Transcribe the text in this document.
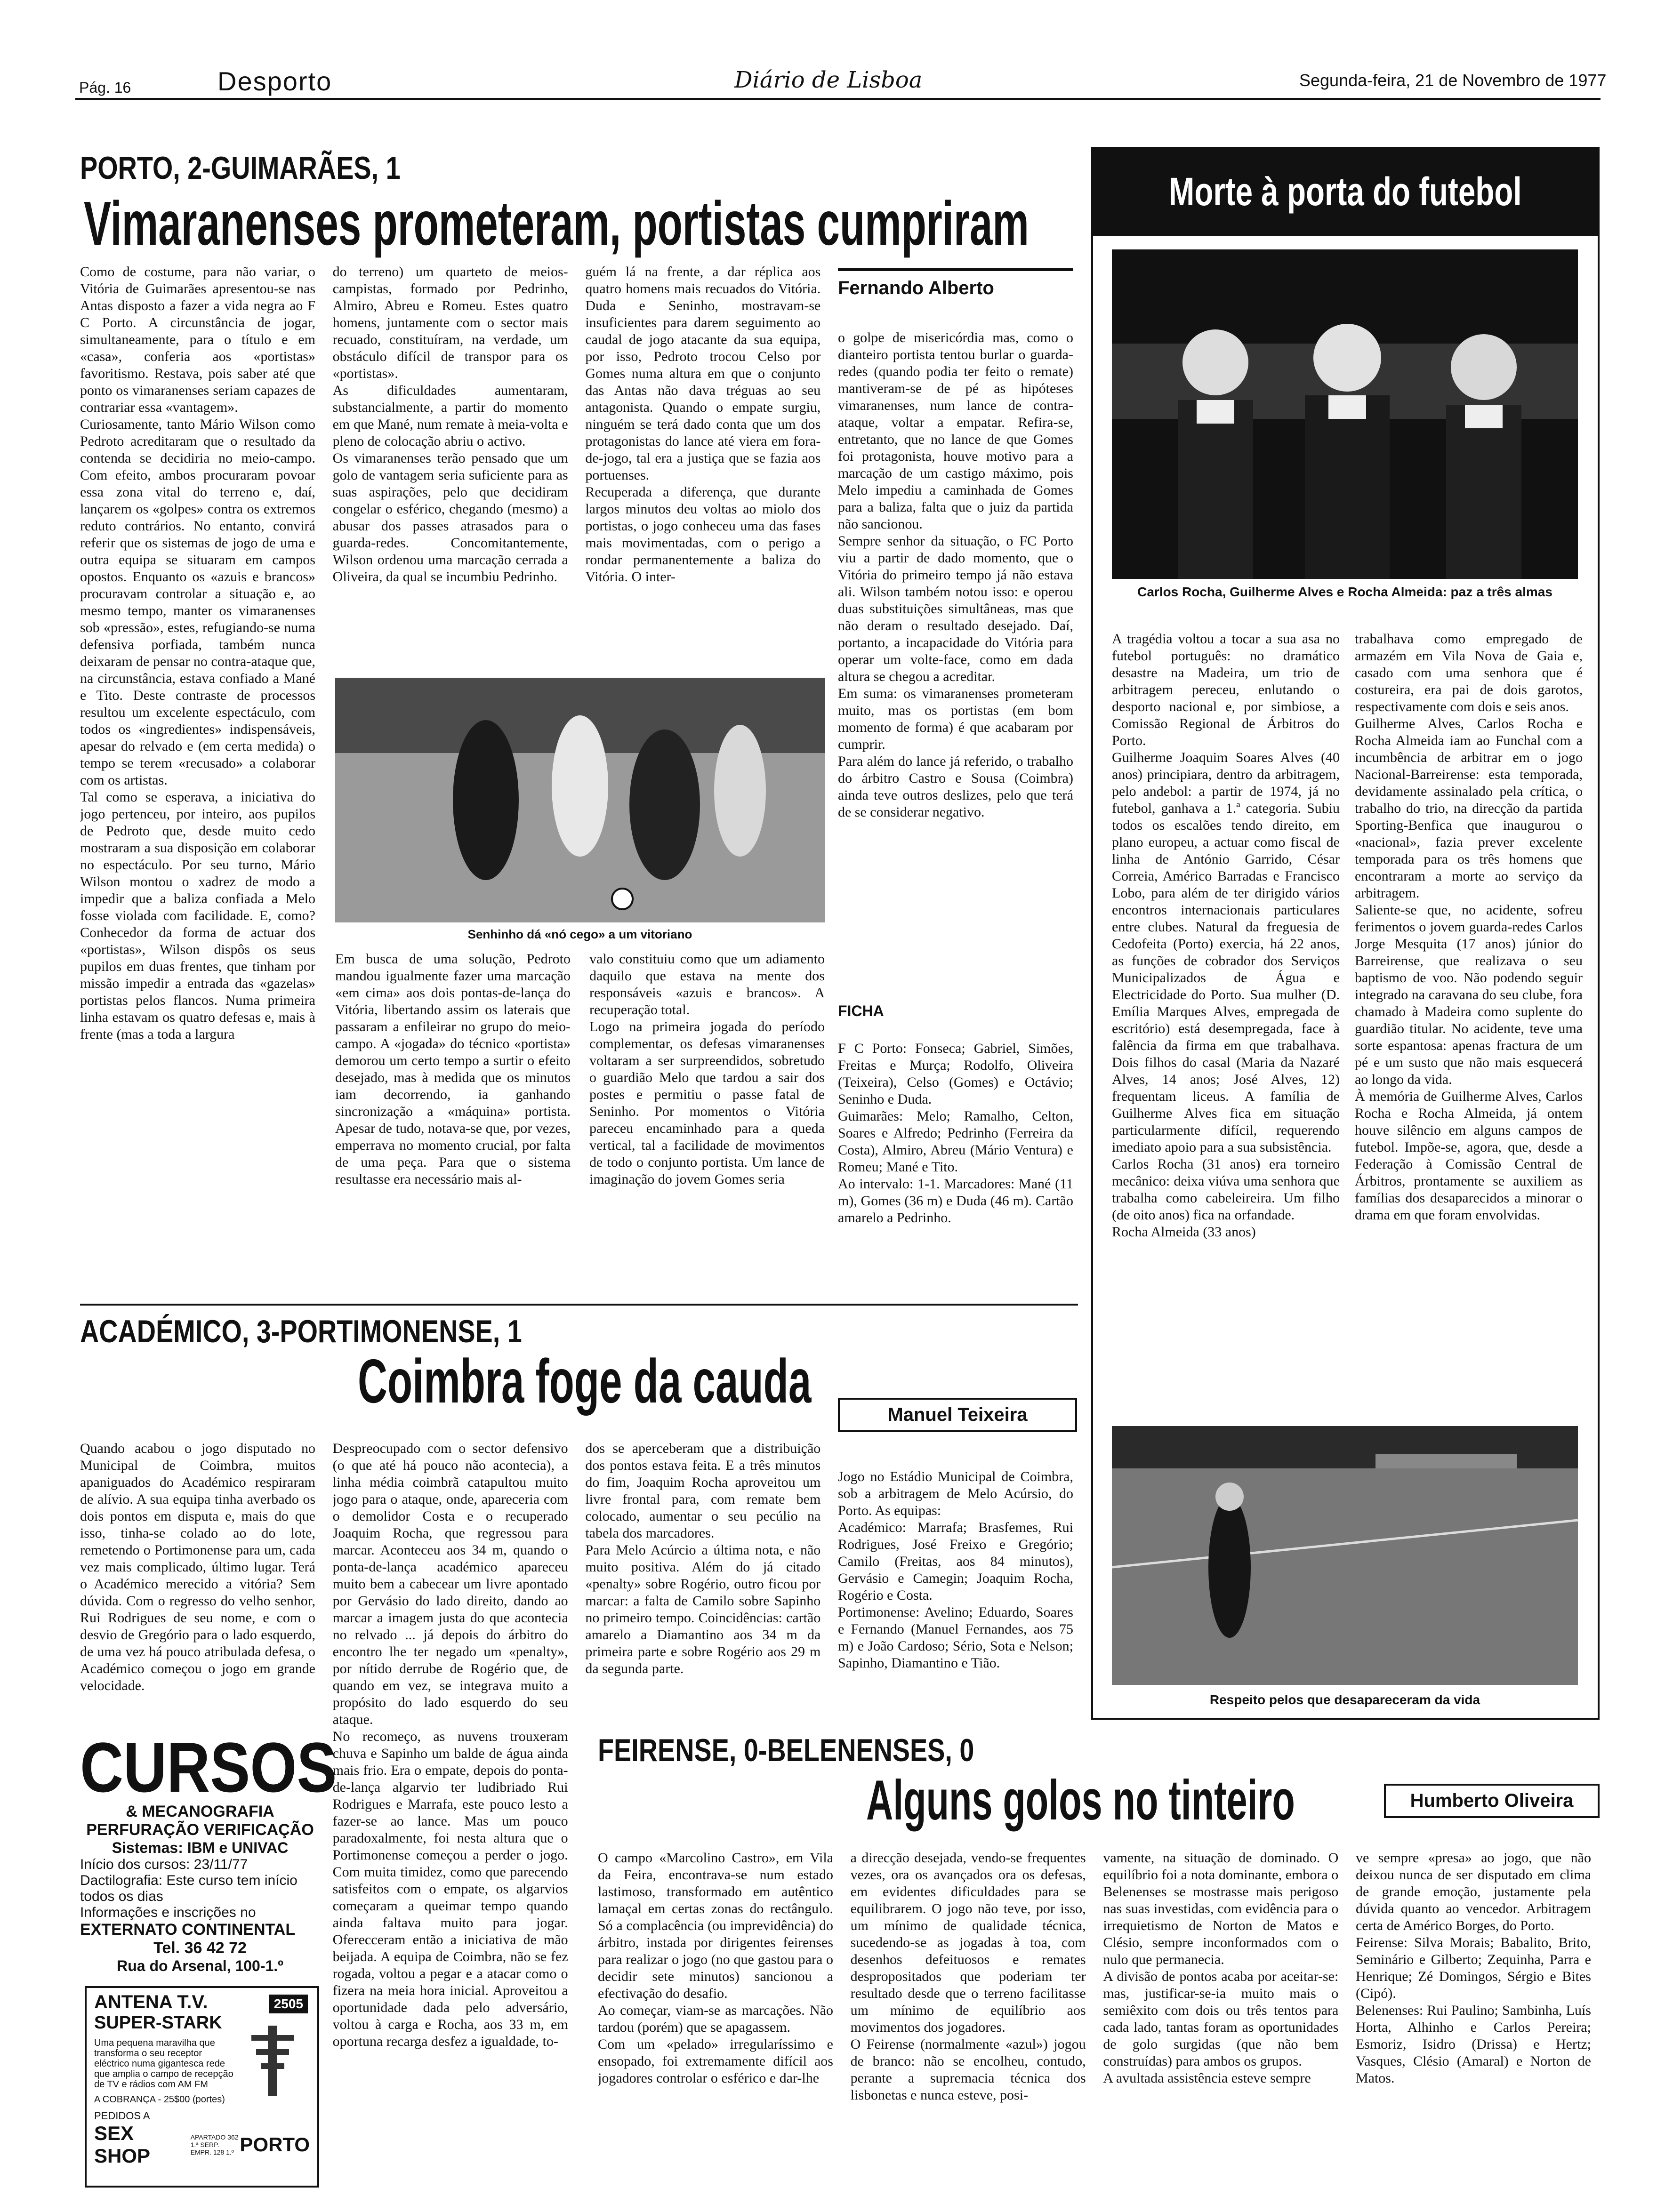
Pág. 16	Desporto	Diário de Lisboa	Segunda-feira, 21 de Novembro de 1977
PORTO, 2-GUIMARÃES, 1
Vimaranenses prometeram, portistas cumpriram
Fernando Alberto
Como de costume, para não variar, o Vitória de Guimarães apresentou-se nas Antas disposto a fazer a vida negra ao F C Porto. A circunstância de jogar, simultaneamente, para o título e em «casa», conferia aos «portistas» favoritismo. Restava, pois saber até que ponto os vimaranenses seriam capazes de contrariar essa «vantagem».
Curiosamente, tanto Mário Wilson como Pedroto acreditaram que o resultado da contenda se decidiria no meio-campo. Com efeito, ambos procuraram povoar essa zona vital do terreno e, daí, lançarem os «golpes» contra os extremos reduto contrários. No entanto, convirá referir que os sistemas de jogo de uma e outra equipa se situaram em campos opostos. Enquanto os «azuis e brancos» procuravam controlar a situação e, ao mesmo tempo, manter os vimaranenses sob «pressão», estes, refugiando-se numa defensiva porfiada, também nunca deixaram de pensar no contra-ataque que, na circunstância, estava confiado a Mané e Tito. Deste contraste de processos resultou um excelente espectáculo, com todos os «ingredientes» indispensáveis, apesar do relvado e (em certa medida) o tempo se terem «recusado» a colaborar com os artistas.
Tal como se esperava, a iniciativa do jogo pertenceu, por inteiro, aos pupilos de Pedroto que, desde muito cedo mostraram a sua disposição em colaborar no espectáculo. Por seu turno, Mário Wilson montou o xadrez de modo a impedir que a baliza confiada a Melo fosse violada com facilidade. E, como? Conhecedor da forma de actuar dos «portistas», Wilson dispôs os seus pupilos em duas frentes, que tinham por missão impedir a entrada das «gazelas» portistas pelos flancos. Numa primeira linha estavam os quatro defesas e, mais à frente (mas a toda a largura
do terreno) um quarteto de meios-campistas, formado por Pedrinho, Almiro, Abreu e Romeu. Estes quatro homens, juntamente com o sector mais recuado, constituíram, na verdade, um obstáculo difícil de transpor para os «portistas».
As dificuldades aumentaram, substancialmente, a partir do momento em que Mané, num remate à meia-volta e pleno de colocação abriu o activo.
Os vimaranenses terão pensado que um golo de vantagem seria suficiente para as suas aspirações, pelo que decidiram congelar o esférico, chegando (mesmo) a abusar dos passes atrasados para o guarda-redes. Concomitantemente, Wilson ordenou uma marcação cerrada a Oliveira, da qual se incumbiu Pedrinho.
guém lá na frente, a dar réplica aos quatro homens mais recuados do Vitória. Duda e Seninho, mostravam-se insuficientes para darem seguimento ao caudal de jogo atacante da sua equipa, por isso, Pedroto trocou Celso por Gomes numa altura em que o conjunto das Antas não dava tréguas ao seu antagonista. Quando o empate surgiu, ninguém se terá dado conta que um dos protagonistas do lance até viera em fora-de-jogo, tal era a justiça que se fazia aos portuenses.
Recuperada a diferença, que durante largos minutos deu voltas ao miolo dos portistas, o jogo conheceu uma das fases mais movimentadas, com o perigo a rondar permanentemente a baliza do Vitória. O inter-
o golpe de misericórdia mas, como o dianteiro portista tentou burlar o guarda-redes (quando podia ter feito o remate) mantiveram-se de pé as hipóteses vimaranenses, num lance de contra-ataque, voltar a empatar. Refira-se, entretanto, que no lance de que Gomes foi protagonista, houve motivo para a marcação de um castigo máximo, pois Melo impediu a caminhada de Gomes para a baliza, falta que o juiz da partida não sancionou.
Sempre senhor da situação, o FC Porto viu a partir de dado momento, que o Vitória do primeiro tempo já não estava ali. Wilson também notou isso: e operou duas substituições simultâneas, mas que não deram o resultado desejado. Daí, portanto, a incapacidade do Vitória para operar um volte-face, como em dada altura se chegou a acreditar.
Em suma: os vimaranenses prometeram muito, mas os portistas (em bom momento de forma) é que acabaram por cumprir.
Para além do lance já referido, o trabalho do árbitro Castro e Sousa (Coimbra) ainda teve outros deslizes, pelo que terá de se considerar negativo.
Senhinho dá «nó cego» a um vitoriano
Em busca de uma solução, Pedroto mandou igualmente fazer uma marcação «em cima» aos dois pontas-de-lança do Vitória, libertando assim os laterais que passaram a enfileirar no grupo do meio-campo. A «jogada» do técnico «portista» demorou um certo tempo a surtir o efeito desejado, mas à medida que os minutos iam decorrendo, ia ganhando sincronização a «máquina» portista. Apesar de tudo, notava-se que, por vezes, emperrava no momento crucial, por falta de uma peça. Para que o sistema resultasse era necessário mais al-
valo constituiu como que um adiamento daquilo que estava na mente dos responsáveis «azuis e brancos». A recuperação total.
Logo na primeira jogada do período complementar, os defesas vimaranenses voltaram a ser surpreendidos, sobretudo o guardião Melo que tardou a sair dos postes e permitiu o passe fatal de Seninho. Por momentos o Vitória pareceu encaminhado para a queda vertical, tal a facilidade de movimentos de todo o conjunto portista. Um lance de imaginação do jovem Gomes seria

FICHA

F C Porto: Fonseca; Gabriel, Simões, Freitas e Murça; Rodolfo, Oliveira (Teixeira), Celso (Gomes) e Octávio; Seninho e Duda.
Guimarães: Melo; Ramalho, Celton, Soares e Alfredo; Pedrinho (Ferreira da Costa), Almiro, Abreu (Mário Ventura) e Romeu; Mané e Tito.
Ao intervalo: 1-1. Marcadores: Mané (11 m), Gomes (36 m) e Duda (46 m). Cartão amarelo a Pedrinho.

Morte à porta do futebol
Carlos Rocha, Guilherme Alves e Rocha Almeida: paz a três almas
A tragédia voltou a tocar a sua asa no futebol português: no dramático desastre na Madeira, um trio de arbitragem pereceu, enlutando o desporto nacional e, por simbiose, a Comissão Regional de Árbitros do Porto.
Guilherme Joaquim Soares Alves (40 anos) principiara, dentro da arbitragem, pelo andebol: a partir de 1974, já no futebol, ganhava a 1.ª categoria. Subiu todos os escalões tendo direito, em plano europeu, a actuar como fiscal de linha de António Garrido, César Correia, Américo Barradas e Francisco Lobo, para além de ter dirigido vários encontros internacionais particulares entre clubes. Natural da freguesia de Cedofeita (Porto) exercia, há 22 anos, as funções de cobrador dos Serviços Municipalizados de Água e Electricidade do Porto. Sua mulher (D. Emília Marques Alves, empregada de escritório) está desempregada, face à falência da firma em que trabalhava. Dois filhos do casal (Maria da Nazaré Alves, 14 anos; José Alves, 12) frequentam liceus. A família de Guilherme Alves fica em situação particularmente difícil, requerendo imediato apoio para a sua subsistência.
Carlos Rocha (31 anos) era torneiro mecânico: deixa viúva uma senhora que trabalha como cabeleireira. Um filho (de oito anos) fica na orfandade.
Rocha Almeida (33 anos)
trabalhava como empregado de armazém em Vila Nova de Gaia e, casado com uma senhora que é costureira, era pai de dois garotos, respectivamente com dois e seis anos.
Guilherme Alves, Carlos Rocha e Rocha Almeida iam ao Funchal com a incumbência de arbitrar em o jogo Nacional-Barreirense: esta temporada, devidamente assinalado pela crítica, o trabalho do trio, na direcção da partida Sporting-Benfica que inaugurou o «nacional», fazia prever excelente temporada para os três homens que encontraram a morte ao serviço da arbitragem.
Saliente-se que, no acidente, sofreu ferimentos o jovem guarda-redes Carlos Jorge Mesquita (17 anos) júnior do Barreirense, que realizava o seu baptismo de voo. Não podendo seguir integrado na caravana do seu clube, fora chamado à Madeira como suplente do guardião titular. No acidente, teve uma sorte espantosa: apenas fractura de um pé e um susto que não mais esquecerá ao longo da vida.
À memória de Guilherme Alves, Carlos Rocha e Rocha Almeida, já ontem houve silêncio em alguns campos de futebol. Impõe-se, agora, que, desde a Federação à Comissão Central de Árbitros, prontamente se auxiliem as famílias dos desaparecidos a minorar o drama em que foram envolvidas.
Respeito pelos que desapareceram da vida
ACADÉMICO, 3-PORTIMONENSE, 1
Coimbra foge da cauda	Manuel Teixeira
Quando acabou o jogo disputado no Municipal de Coimbra, muitos apaniguados do Académico respiraram de alívio. A sua equipa tinha averbado os dois pontos em disputa e, mais do que isso, tinha-se colado ao do lote, remetendo o Portimonense para um, cada vez mais complicado, último lugar. Terá o Académico merecido a vitória? Sem dúvida. Com o regresso do velho senhor, Rui Rodrigues de seu nome, e com o desvio de Gregório para o lado esquerdo, de uma vez há pouco atribulada defesa, o Académico começou o jogo em grande velocidade.
Despreocupado com o sector defensivo (o que até há pouco não acontecia), a linha média coimbrã catapultou muito jogo para o ataque, onde, apareceria com o demolidor Costa e o recuperado Joaquim Rocha, que regressou para marcar. Aconteceu aos 34 m, quando o ponta-de-lança académico apareceu muito bem a cabecear um livre apontado por Gervásio do lado direito, dando ao marcar a imagem justa do que acontecia no relvado ... já depois do árbitro do encontro lhe ter negado um «penalty», por nítido derrube de Rogério que, de quando em vez, se integrava muito a propósito do lado esquerdo do seu ataque.
No recomeço, as nuvens trouxeram chuva e Sapinho um balde de água ainda mais frio. Era o empate, depois do ponta-de-lança algarvio ter ludibriado Rui Rodrigues e Marrafa, este pouco lesto a fazer-se ao lance. Mas um pouco paradoxalmente, foi nesta altura que o Portimonense começou a perder o jogo. Com muita timidez, como que parecendo satisfeitos com o empate, os algarvios começaram a queimar tempo quando ainda faltava muito para jogar. Oferecceram então a iniciativa de mão beijada. A equipa de Coimbra, não se fez rogada, voltou a pegar e a atacar como o fizera na meia hora inicial. Aproveitou a oportunidade dada pelo adversário, voltou à carga e Rocha, aos 33 m, em oportuna recarga desfez a igualdade, to-
dos se aperceberam que a distribuição dos pontos estava feita. E a três minutos do fim, Joaquim Rocha aproveitou um livre frontal para, com remate bem colocado, aumentar o seu pecúlio na tabela dos marcadores.
Para Melo Acúrcio a última nota, e não muito positiva. Além do já citado «penalty» sobre Rogério, outro ficou por marcar: a falta de Camilo sobre Sapinho no primeiro tempo. Coincidências: cartão amarelo a Diamantino aos 34 m da primeira parte e sobre Rogério aos 29 m da segunda parte.
Jogo no Estádio Municipal de Coimbra, sob a arbitragem de Melo Acúrsio, do Porto. As equipas:
Académico: Marrafa; Brasfemes, Rui Rodrigues, José Freixo e Gregório; Camilo (Freitas, aos 84 minutos), Gervásio e Camegin; Joaquim Rocha, Rogério e Costa.
Portimonense: Avelino; Eduardo, Soares e Fernando (Manuel Fernandes, aos 75 m) e João Cardoso; Sério, Sota e Nelson; Sapinho, Diamantino e Tião.
CURSOS
& MECANOGRAFIA
PERFURAÇÃO VERIFICAÇÃO
Sistemas: IBM e UNIVAC
Início dos cursos: 23/11/77
Dactilografia: Este curso tem início todos os dias
Informações e inscrições no
EXTERNATO CONTINENTAL
Tel. 36 42 72
Rua do Arsenal, 100-1.º
ANTENA T.V.
SUPER-STARK
2505
Uma pequena maravilha que transforma o seu receptor eléctrico numa gigantesca rede que amplia o campo de recepção de TV e rádios com AM FM
A COBRANÇA - 25$00 (portes)
PEDIDOS A
SEX SHOP
APARTADO 362 1.ª SERP. EMPR. 128 1.º PORTO
FEIRENSE, 0-BELENENSES, 0
Alguns golos no tinteiro	Humberto Oliveira
O campo «Marcolino Castro», em Vila da Feira, encontrava-se num estado lastimoso, transformado em autêntico lamaçal em certas zonas do rectângulo. Só a complacência (ou imprevidência) do árbitro, instada por dirigentes feirenses para realizar o jogo (no que gastou para o decidir sete minutos) sancionou a efectivação do desafio.
Ao começar, viam-se as marcações. Não tardou (porém) que se apagassem.
Com um «pelado» irregularíssimo e ensopado, foi extremamente difícil aos jogadores controlar o esférico e dar-lhe
a direcção desejada, vendo-se frequentes vezes, ora os avançados ora os defesas, em evidentes dificuldades para se equilibrarem. O jogo não teve, por isso, um mínimo de qualidade técnica, sucedendo-se as jogadas à toa, com desenhos defeituosos e remates despropositados que poderiam ter resultado desde que o terreno facilitasse um mínimo de equilíbrio aos movimentos dos jogadores.
O Feirense (normalmente «azul») jogou de branco: não se encolheu, contudo, perante a supremacia técnica dos lisbonetas e nunca esteve, posi-
vamente, na situação de dominado. O equilíbrio foi a nota dominante, embora o Belenenses se mostrasse mais perigoso nas suas investidas, com evidência para o irrequietismo de Norton de Matos e Clésio, sempre inconformados com o nulo que permanecia.
A divisão de pontos acaba por aceitar-se: mas, justificar-se-ia muito mais o semiêxito com dois ou três tentos para cada lado, tantas foram as oportunidades de golo surgidas (que não bem construídas) para ambos os grupos.
A avultada assistência esteve sempre
ve sempre «presa» ao jogo, que não deixou nunca de ser disputado em clima de grande emoção, justamente pela dúvida quanto ao vencedor. Arbitragem certa de Américo Borges, do Porto.
Feirense: Silva Morais; Babalito, Brito, Seminário e Gilberto; Zequinha, Parra e Henrique; Zé Domingos, Sérgio e Bites (Cipó).
Belenenses: Rui Paulino; Sambinha, Luís Horta, Alhinho e Carlos Pereira; Esmoriz, Isidro (Drissa) e Hertz; Vasques, Clésio (Amaral) e Norton de Matos.
